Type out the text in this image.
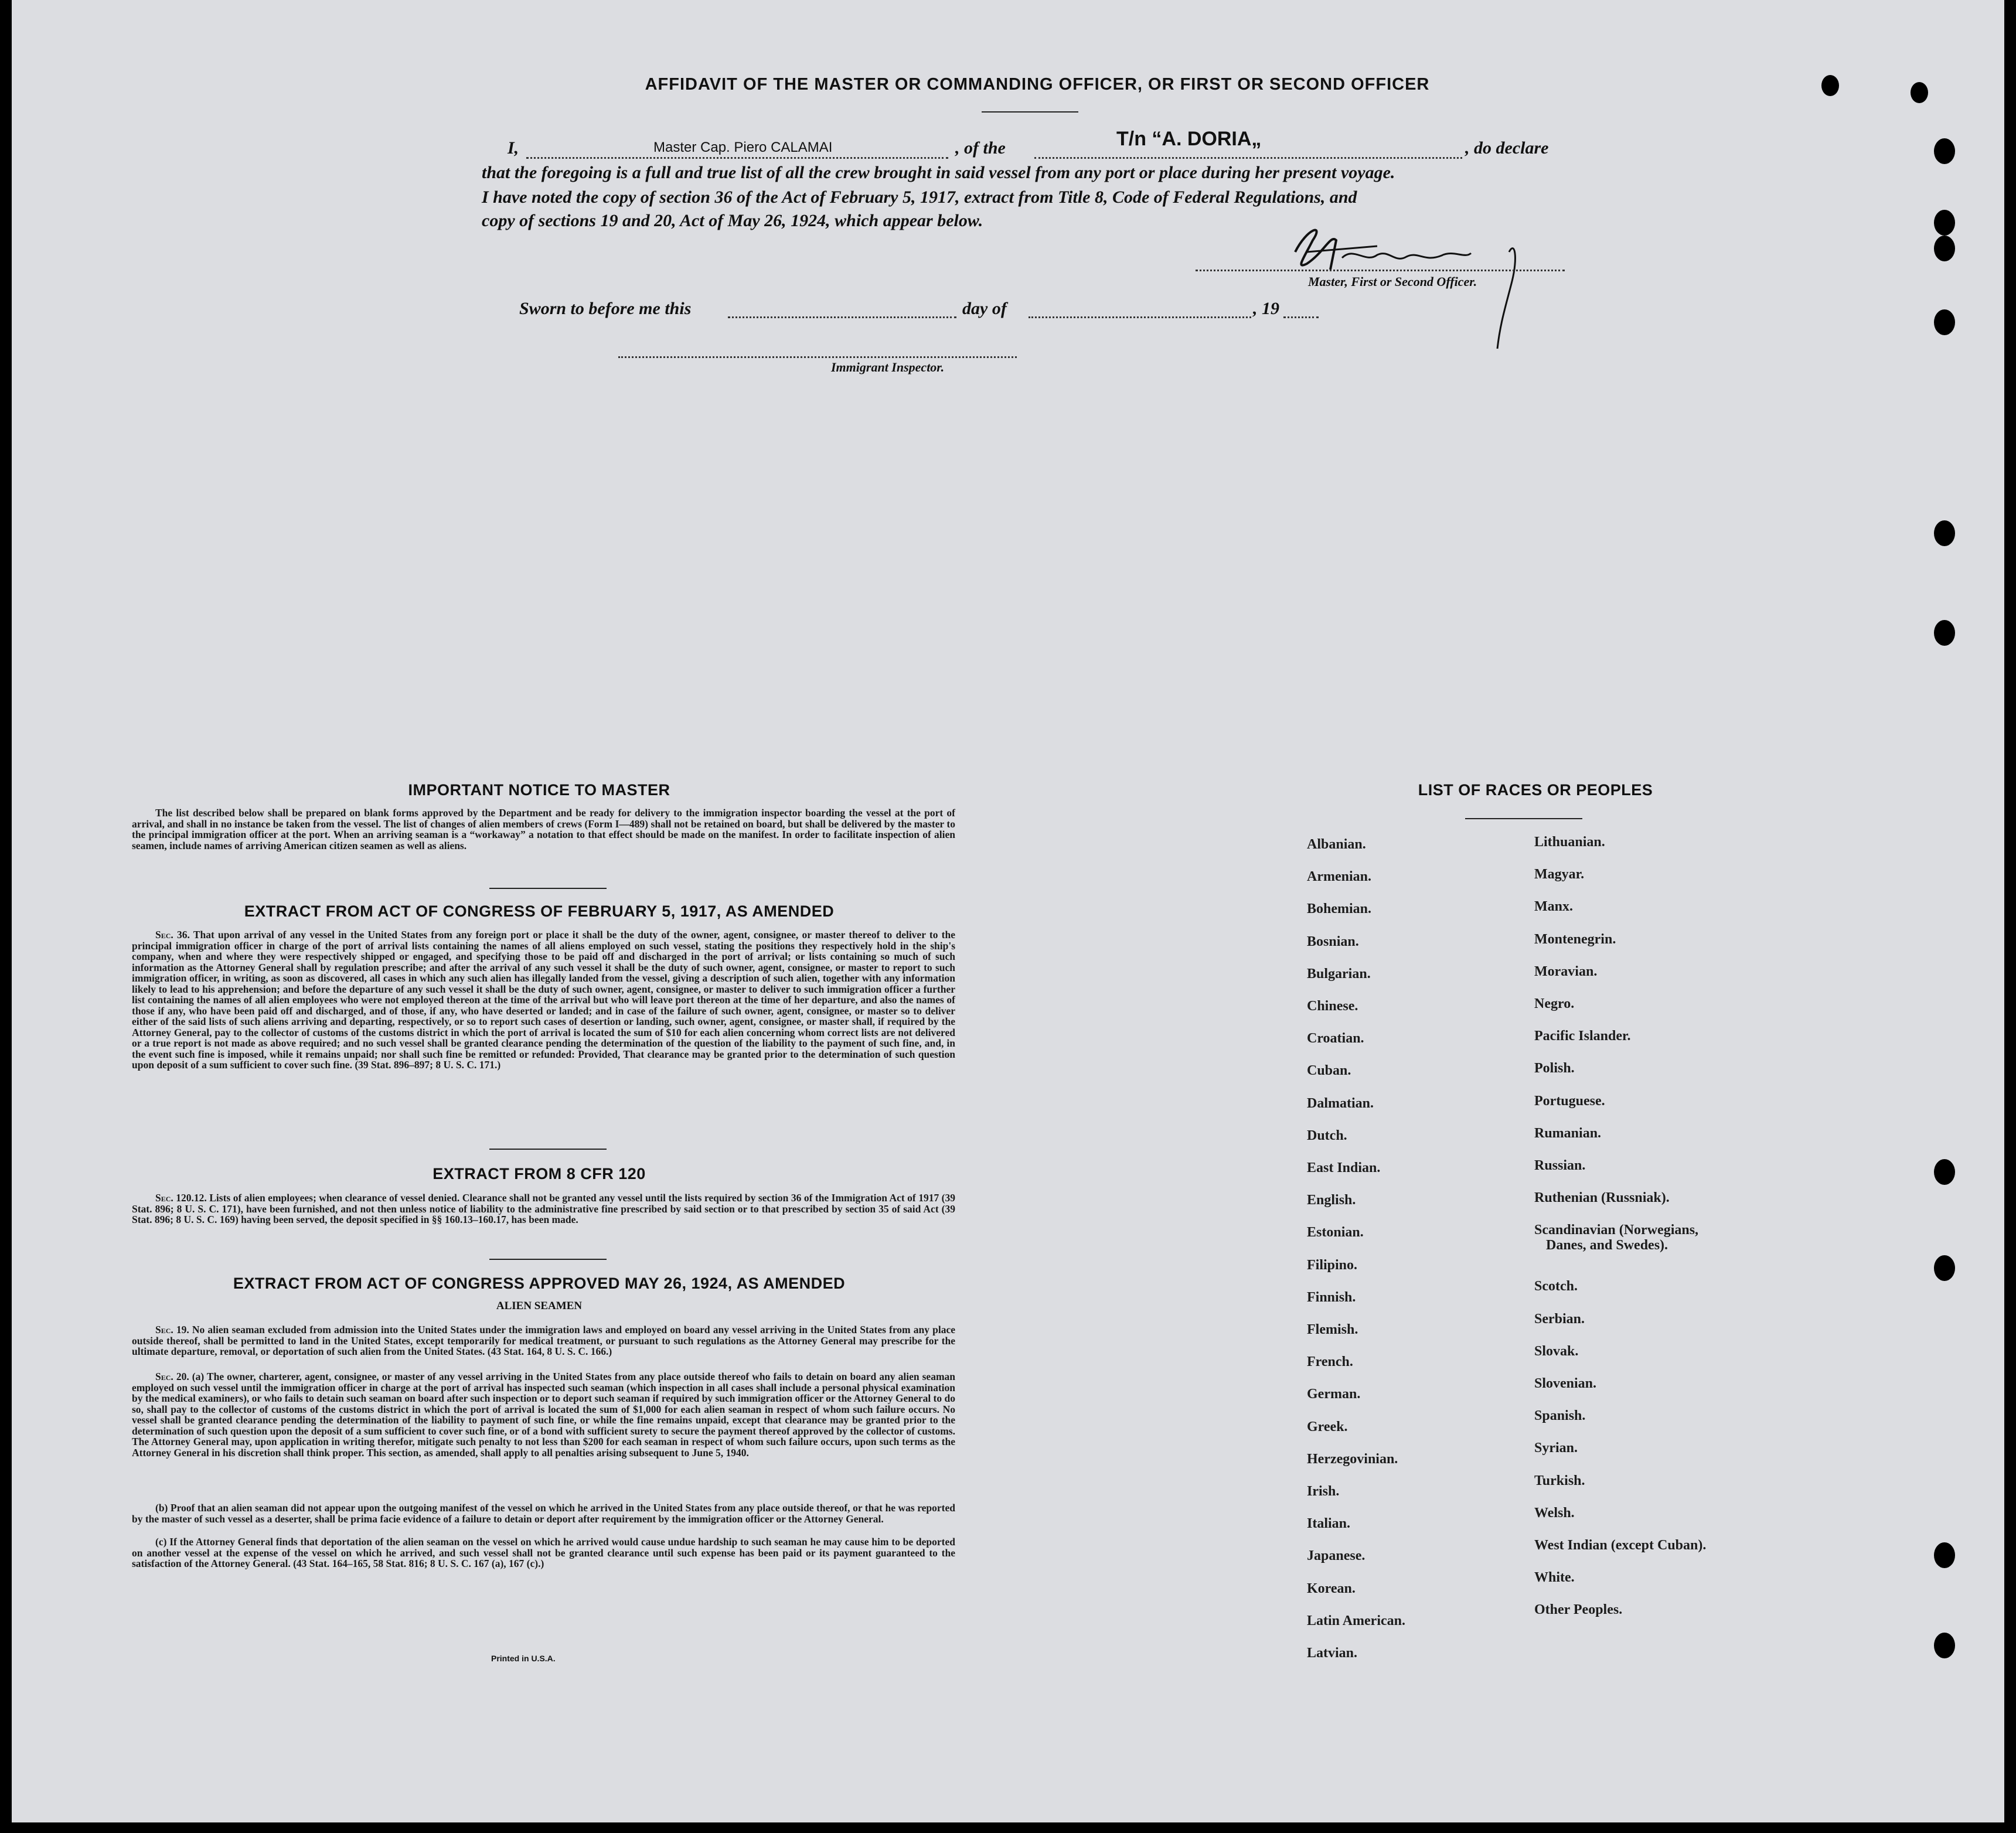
AFFIDAVIT OF THE MASTER OR COMMANDING OFFICER, OR FIRST OR SECOND OFFICER
I,	Master Cap. Piero CALAMAI	, of the	T/n “A. DORIA„	, do declare
that the foregoing is a full and true list of all the crew brought in said vessel from any port or place during her present voyage.
I have noted the copy of section 36 of the Act of February 5, 1917, extract from Title 8, Code of Federal Regulations, and
copy of sections 19 and 20, Act of May 26, 1924, which appear below.
Master, First or Second Officer.
Sworn to before me this	day of	, 19
Immigrant Inspector.
IMPORTANT NOTICE TO MASTER
The list described below shall be prepared on blank forms approved by the Department and be ready for delivery to the immigration inspector boarding the vessel at the port of arrival, and shall in no instance be taken from the vessel. The list of changes of alien members of crews (Form I—489) shall not be retained on board, but shall be delivered by the master to the principal immigration officer at the port. When an arriving seaman is a “workaway” a notation to that effect should be made on the manifest. In order to facilitate inspection of alien seamen, include names of arriving American citizen seamen as well as aliens.
EXTRACT FROM ACT OF CONGRESS OF FEBRUARY 5, 1917, AS AMENDED
Sec. 36. That upon arrival of any vessel in the United States from any foreign port or place it shall be the duty of the owner, agent, consignee, or master thereof to deliver to the principal immigration officer in charge of the port of arrival lists containing the names of all aliens employed on such vessel, stating the positions they respectively hold in the ship's company, when and where they were respectively shipped or engaged, and specifying those to be paid off and discharged in the port of arrival; or lists containing so much of such information as the Attorney General shall by regulation prescribe; and after the arrival of any such vessel it shall be the duty of such owner, agent, consignee, or master to report to such immigration officer, in writing, as soon as discovered, all cases in which any such alien has illegally landed from the vessel, giving a description of such alien, together with any information likely to lead to his apprehension; and before the departure of any such vessel it shall be the duty of such owner, agent, consignee, or master to deliver to such immigration officer a further list containing the names of all alien employees who were not employed thereon at the time of the arrival but who will leave port thereon at the time of her departure, and also the names of those if any, who have been paid off and discharged, and of those, if any, who have deserted or landed; and in case of the failure of such owner, agent, consignee, or master so to deliver either of the said lists of such aliens arriving and departing, respectively, or so to report such cases of desertion or landing, such owner, agent, consignee, or master shall, if required by the Attorney General, pay to the collector of customs of the customs district in which the port of arrival is located the sum of $10 for each alien concerning whom correct lists are not delivered or a true report is not made as above required; and no such vessel shall be granted clearance pending the determination of the question of the liability to the payment of such fine, and, in the event such fine is imposed, while it remains unpaid; nor shall such fine be remitted or refunded: Provided, That clearance may be granted prior to the determination of such question upon deposit of a sum sufficient to cover such fine. (39 Stat. 896–897; 8 U. S. C. 171.)
EXTRACT FROM 8 CFR 120
Sec. 120.12. Lists of alien employees; when clearance of vessel denied. Clearance shall not be granted any vessel until the lists required by section 36 of the Immigration Act of 1917 (39 Stat. 896; 8 U. S. C. 171), have been furnished, and not then unless notice of liability to the administrative fine prescribed by said section or to that prescribed by section 35 of said Act (39 Stat. 896; 8 U. S. C. 169) having been served, the deposit specified in §§ 160.13–160.17, has been made.
EXTRACT FROM ACT OF CONGRESS APPROVED MAY 26, 1924, AS AMENDED
ALIEN SEAMEN
Sec. 19. No alien seaman excluded from admission into the United States under the immigration laws and employed on board any vessel arriving in the United States from any place outside thereof, shall be permitted to land in the United States, except temporarily for medical treatment, or pursuant to such regulations as the Attorney General may prescribe for the ultimate departure, removal, or deportation of such alien from the United States. (43 Stat. 164, 8 U. S. C. 166.)
Sec. 20. (a) The owner, charterer, agent, consignee, or master of any vessel arriving in the United States from any place outside thereof who fails to detain on board any alien seaman employed on such vessel until the immigration officer in charge at the port of arrival has inspected such seaman (which inspection in all cases shall include a personal physical examination by the medical examiners), or who fails to detain such seaman on board after such inspection or to deport such seaman if required by such immigration officer or the Attorney General to do so, shall pay to the collector of customs of the customs district in which the port of arrival is located the sum of $1,000 for each alien seaman in respect of whom such failure occurs. No vessel shall be granted clearance pending the determination of the liability to payment of such fine, or while the fine remains unpaid, except that clearance may be granted prior to the determination of such question upon the deposit of a sum sufficient to cover such fine, or of a bond with sufficient surety to secure the payment thereof approved by the collector of customs. The Attorney General may, upon application in writing therefor, mitigate such penalty to not less than $200 for each seaman in respect of whom such failure occurs, upon such terms as the Attorney General in his discretion shall think proper. This section, as amended, shall apply to all penalties arising subsequent to June 5, 1940.
(b) Proof that an alien seaman did not appear upon the outgoing manifest of the vessel on which he arrived in the United States from any place outside thereof, or that he was reported by the master of such vessel as a deserter, shall be prima facie evidence of a failure to detain or deport after requirement by the immigration officer or the Attorney General.
(c) If the Attorney General finds that deportation of the alien seaman on the vessel on which he arrived would cause undue hardship to such seaman he may cause him to be deported on another vessel at the expense of the vessel on which he arrived, and such vessel shall not be granted clearance until such expense has been paid or its payment guaranteed to the satisfaction of the Attorney General. (43 Stat. 164–165, 58 Stat. 816; 8 U. S. C. 167 (a), 167 (c).)
Printed in U.S.A.
LIST OF RACES OR PEOPLES
Albanian.
Armenian.
Bohemian.
Bosnian.
Bulgarian.
Chinese.
Croatian.
Cuban.
Dalmatian.
Dutch.
East Indian.
English.
Estonian.
Filipino.
Finnish.
Flemish.
French.
German.
Greek.
Herzegovinian.
Irish.
Italian.
Japanese.
Korean.
Latin American.
Latvian.
Lithuanian.
Magyar.
Manx.
Montenegrin.
Moravian.
Negro.
Pacific Islander.
Polish.
Portuguese.
Rumanian.
Russian.
Ruthenian (Russniak).
Scandinavian (Norwegians,
Danes, and Swedes).
Scotch.
Serbian.
Slovak.
Slovenian.
Spanish.
Syrian.
Turkish.
Welsh.
West Indian (except Cuban).
White.
Other Peoples.
